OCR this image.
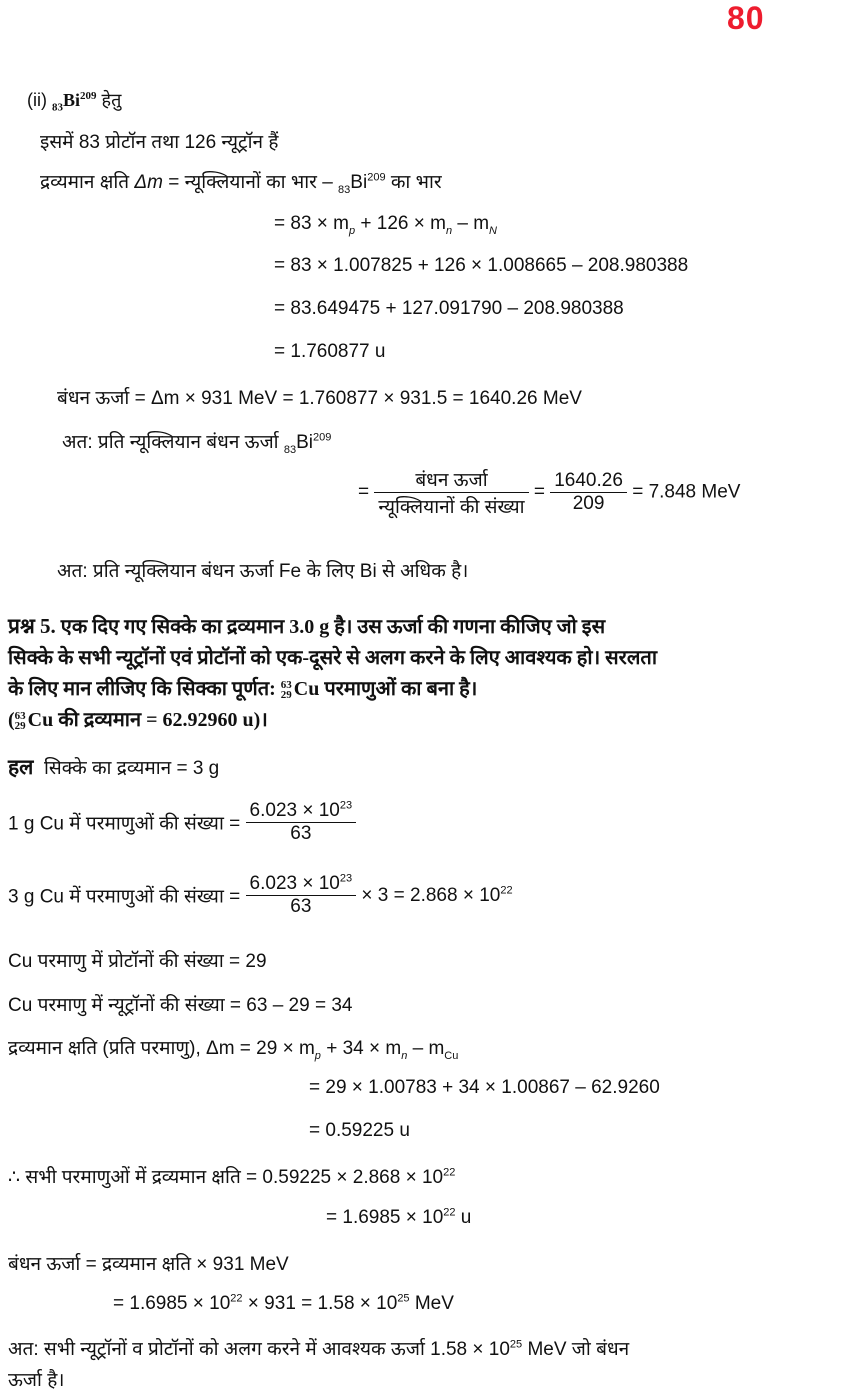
80
(ii) $_{83}Bi^{209}$ हेतु
इसमें 83 प्रोटॉन तथा 126 न्यूट्रॉन हैं
द्रव्यमान क्षति Δm = न्यूक्लियानों का भार – $_{83}Bi^{209}$ का भार
= $83 \times m_p + 126 \times m_n - m_N$
= 83 × 1.007825 + 126 × 1.008665 – 208.980388
= 83.649475 + 127.091790 – 208.980388
= 1.760877 u
बंधन ऊर्जा = Δm × 931 MeV = 1.760877 × 931.5 = 1640.26 MeV
अत: प्रति न्यूक्लियान बंधन ऊर्जा $_{83}Bi^{209}$
= $\frac{\text{बंधन ऊर्जा}}{\text{न्यूक्लियानों की संख्या}} = \frac{1640.26}{209} = 7.848$ MeV
अत: प्रति न्यूक्लियान बंधन ऊर्जा Fe के लिए Bi से अधिक है।
प्रश्न 5. एक दिए गए सिक्के का द्रव्यमान 3.0 g है। उस ऊर्जा की गणना कीजिए जो इस
सिक्के के सभी न्यूट्रॉनों एवं प्रोटॉनों को एक-दूसरे से अलग करने के लिए आवश्यक हो। सरलता
के लिए मान लीजिए कि सिक्का पूर्णत: 63
29 Cu परमाणुओं का बना है।
( 63
29 Cu की द्रव्यमान = 62.92960 u)।
हल सिक्के का द्रव्यमान = 3 g
1 g Cu में परमाणुओं की संख्या = $\frac{6.023 \times 10^{23}}{63}$
3 g Cu में परमाणुओं की संख्या = $\frac{6.023 \times 10^{23}}{63} \times 3 = 2.868 \times 10^{22}$
Cu परमाणु में प्रोटॉनों की संख्या = 29
Cu परमाणु में न्यूट्रॉनों की संख्या = 63 – 29 = 34
द्रव्यमान क्षति (प्रति परमाणु), $\Delta m = 29 \times m_p + 34 \times m_n - m_{Cu}$
= 29 × 1.00783 + 34 × 1.00867 – 62.9260
= 0.59225 u
∴ सभी परमाणुओं में द्रव्यमान क्षति = $0.59225 \times 2.868 \times 10^{22}$
= $1.6985 \times 10^{22}$ u
बंधन ऊर्जा = द्रव्यमान क्षति × 931 MeV
= $1.6985 \times 10^{22} \times 931 = 1.58 \times 10^{25}$ MeV
अत: सभी न्यूट्रॉनों व प्रोटॉनों को अलग करने में आवश्यक ऊर्जा $1.58 \times 10^{25}$ MeV जो बंधन
ऊर्जा है।
